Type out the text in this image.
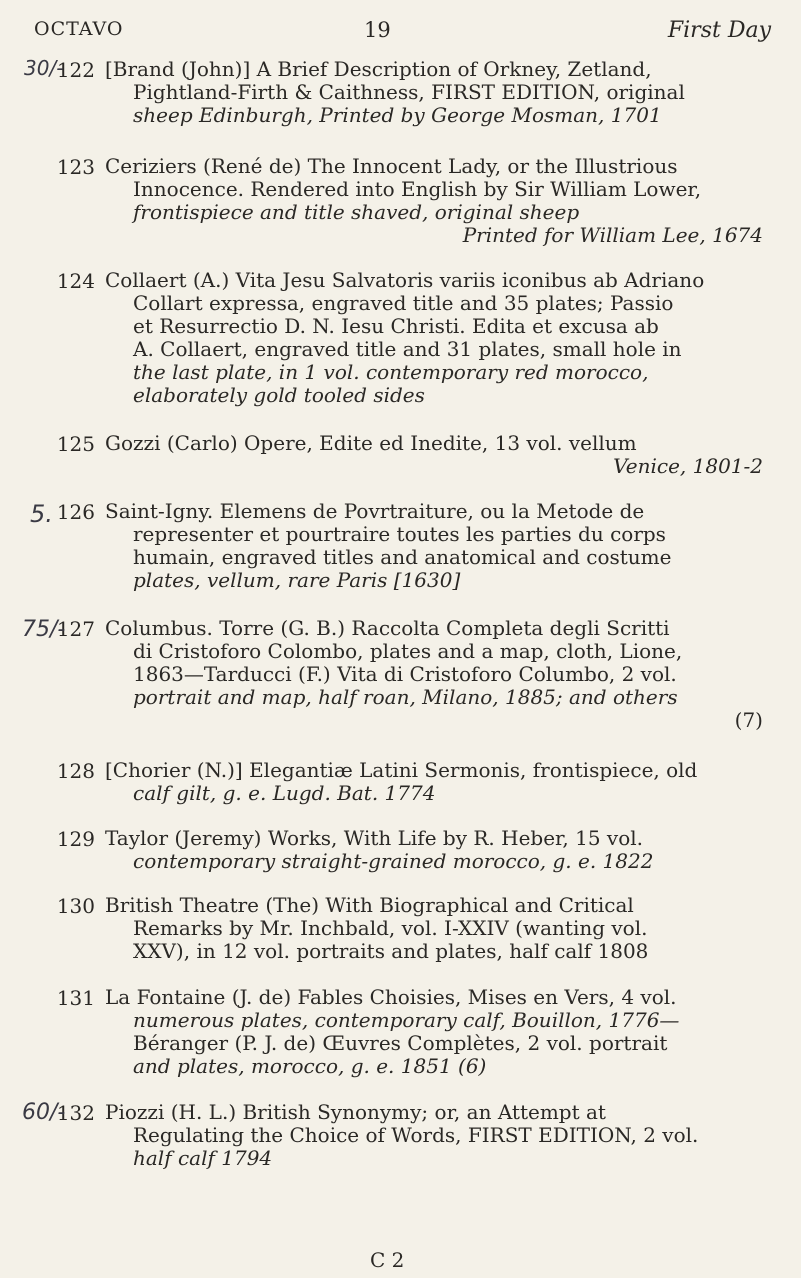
OCTAVO	19	First Day
122 [Brand (John)] A Brief Description of Orkney, Zetland,
Pightland-Firth & Caithness, FIRST EDITION, original
sheep Edinburgh, Printed by George Mosman, 1701
123 Ceriziers (René de) The Innocent Lady, or the Illustrious
Innocence. Rendered into English by Sir William Lower,
frontispiece and title shaved, original sheep
Printed for William Lee, 1674
124 Collaert (A.) Vita Jesu Salvatoris variis iconibus ab Adriano
Collart expressa, engraved title and 35 plates; Passio
et Resurrectio D. N. Iesu Christi. Edita et excusa ab
A. Collaert, engraved title and 31 plates, small hole in
the last plate, in 1 vol. contemporary red morocco,
elaborately gold tooled sides
125 Gozzi (Carlo) Opere, Edite ed Inedite, 13 vol. vellum
Venice, 1801-2
126 Saint-Igny. Elemens de Povrtraiture, ou la Metode de
representer et pourtraire toutes les parties du corps
humain, engraved titles and anatomical and costume
plates, vellum, rare Paris [1630]
127 Columbus. Torre (G. B.) Raccolta Completa degli Scritti
di Cristoforo Colombo, plates and a map, cloth, Lione,
1863—Tarducci (F.) Vita di Cristoforo Columbo, 2 vol.
portrait and map, half roan, Milano, 1885; and others
(7)
128 [Chorier (N.)] Elegantiæ Latini Sermonis, frontispiece, old
calf gilt, g. e. Lugd. Bat. 1774
129 Taylor (Jeremy) Works, With Life by R. Heber, 15 vol.
contemporary straight-grained morocco, g. e. 1822
130 British Theatre (The) With Biographical and Critical
Remarks by Mr. Inchbald, vol. I-XXIV (wanting vol.
XXV), in 12 vol. portraits and plates, half calf 1808
131 La Fontaine (J. de) Fables Choisies, Mises en Vers, 4 vol.
numerous plates, contemporary calf, Bouillon, 1776—
Béranger (P. J. de) Œuvres Complètes, 2 vol. portrait
and plates, morocco, g. e. 1851 (6)
132 Piozzi (H. L.) British Synonymy; or, an Attempt at
Regulating the Choice of Words, FIRST EDITION, 2 vol.
half calf 1794
30/-
5.
75/-
60/-
C 2
